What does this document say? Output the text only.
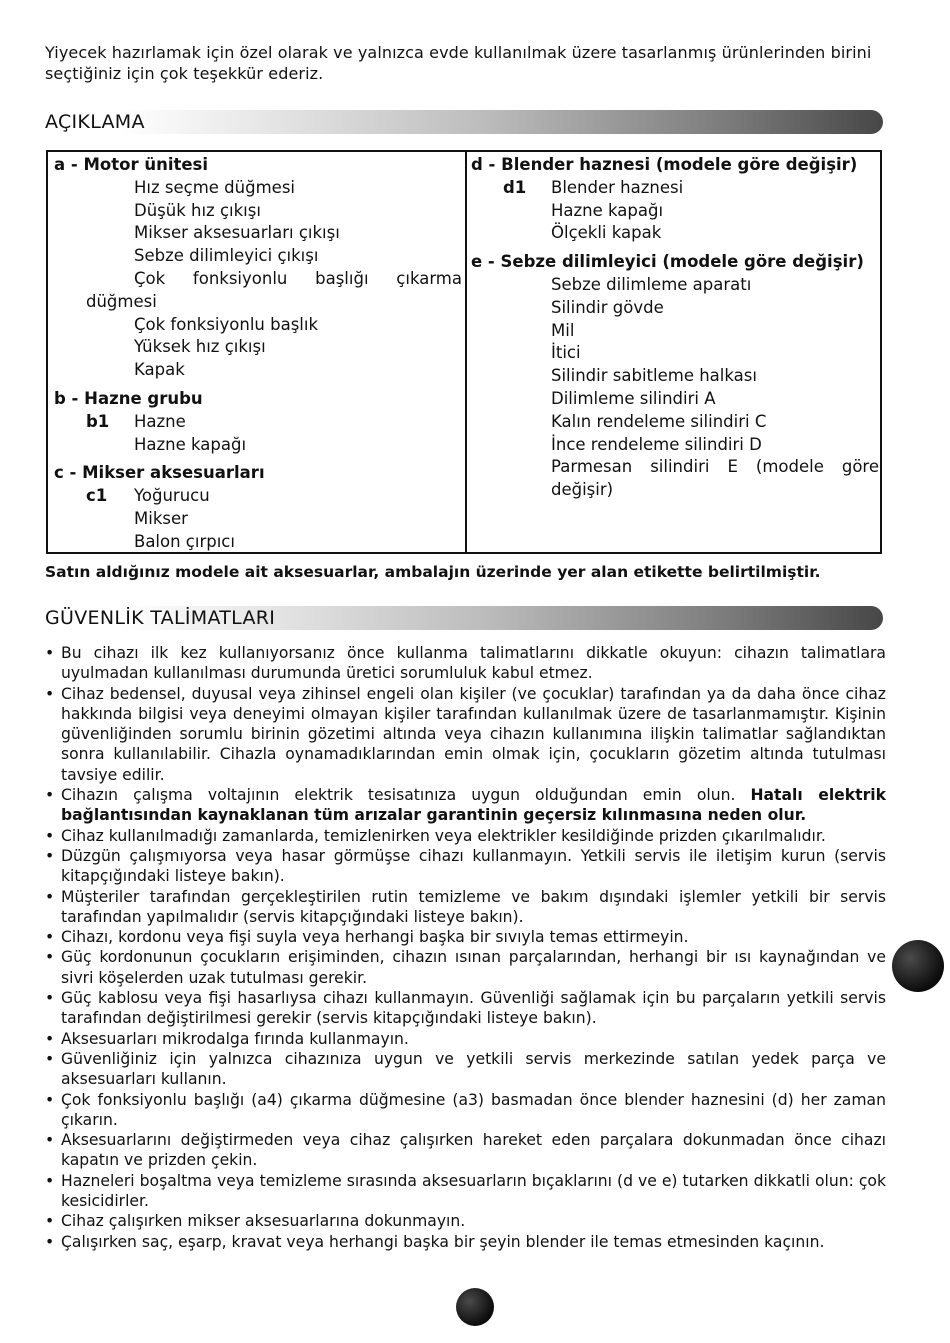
Yiyecek hazırlamak için özel olarak ve yalnızca evde kullanılmak üzere tasarlanmış ürünlerinden birini seçtiğiniz için çok teşekkür ederiz.

AÇIKLAMA
a - Motor ünitesi
Hız seçme düğmesi
Düşük hız çıkışı
Mikser aksesuarları çıkışı
Sebze dilimleyici çıkışı
Çok fonksiyonlu başlığı çıkarma
düğmesi
Çok fonksiyonlu başlık
Yüksek hız çıkışı
Kapak
b - Hazne grubu
b1	Hazne
Hazne kapağı
c - Mikser aksesuarları
c1	Yoğurucu
Mikser
Balon çırpıcı
d - Blender haznesi (modele göre değişir)
d1	Blender haznesi
Hazne kapağı
Ölçekli kapak
e - Sebze dilimleyici (modele göre değişir)
Sebze dilimleme aparatı
Silindir gövde
Mil
İtici
Silindir sabitleme halkası
Dilimleme silindiri A
Kalın rendeleme silindiri C
İnce rendeleme silindiri D
Parmesan silindiri E (modele göre değişir)

Satın aldığınız modele ait aksesuarlar, ambalajın üzerinde yer alan etikette belirtilmiştir.

GÜVENLİK TALİMATLARI
• Bu cihazı ilk kez kullanıyorsanız önce kullanma talimatlarını dikkatle okuyun: cihazın talimatlara uyulmadan kullanılması durumunda üretici sorumluluk kabul etmez.
• Cihaz bedensel, duyusal veya zihinsel engeli olan kişiler (ve çocuklar) tarafından ya da daha önce cihaz hakkında bilgisi veya deneyimi olmayan kişiler tarafından kullanılmak üzere de tasarlanmamıştır. Kişinin güvenliğinden sorumlu birinin gözetimi altında veya cihazın kullanımına ilişkin talimatlar sağlandıktan sonra kullanılabilir. Cihazla oynamadıklarından emin olmak için, çocukların gözetim altında tutulması tavsiye edilir.
• Cihazın çalışma voltajının elektrik tesisatınıza uygun olduğundan emin olun. Hatalı elektrik bağlantısından kaynaklanan tüm arızalar garantinin geçersiz kılınmasına neden olur.
• Cihaz kullanılmadığı zamanlarda, temizlenirken veya elektrikler kesildiğinde prizden çıkarılmalıdır.
• Düzgün çalışmıyorsa veya hasar görmüşse cihazı kullanmayın. Yetkili servis ile iletişim kurun (servis kitapçığındaki listeye bakın).
• Müşteriler tarafından gerçekleştirilen rutin temizleme ve bakım dışındaki işlemler yetkili bir servis tarafından yapılmalıdır (servis kitapçığındaki listeye bakın).
• Cihazı, kordonu veya fişi suyla veya herhangi başka bir sıvıyla temas ettirmeyin.
• Güç kordonunun çocukların erişiminden, cihazın ısınan parçalarından, herhangi bir ısı kaynağından ve sivri köşelerden uzak tutulması gerekir.
• Güç kablosu veya fişi hasarlıysa cihazı kullanmayın. Güvenliği sağlamak için bu parçaların yetkili servis tarafından değiştirilmesi gerekir (servis kitapçığındaki listeye bakın).
• Aksesuarları mikrodalga fırında kullanmayın.
• Güvenliğiniz için yalnızca cihazınıza uygun ve yetkili servis merkezinde satılan yedek parça ve aksesuarları kullanın.
• Çok fonksiyonlu başlığı (a4) çıkarma düğmesine (a3) basmadan önce blender haznesini (d) her zaman çıkarın.
• Aksesuarlarını değiştirmeden veya cihaz çalışırken hareket eden parçalara dokunmadan önce cihazı kapatın ve prizden çekin.
• Hazneleri boşaltma veya temizleme sırasında aksesuarların bıçaklarını (d ve e) tutarken dikkatli olun: çok kesicidirler.
• Cihaz çalışırken mikser aksesuarlarına dokunmayın.
• Çalışırken saç, eşarp, kravat veya herhangi başka bir şeyin blender ile temas etmesinden kaçının.
